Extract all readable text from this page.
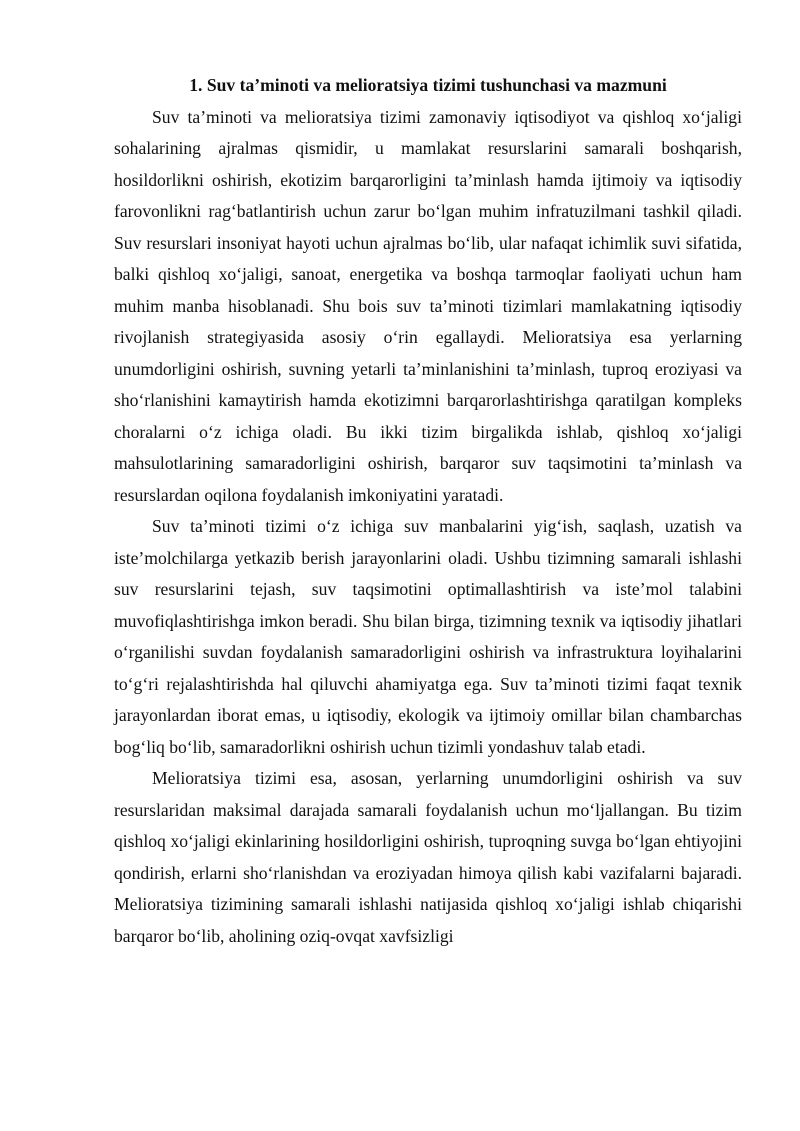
1. Suv ta’minoti va melioratsiya tizimi tushunchasi va mazmuni

Suv ta’minoti va melioratsiya tizimi zamonaviy iqtisodiyot va qishloq xo‘jaligi sohalarining ajralmas qismidir, u mamlakat resurslarini samarali boshqarish, hosildorlikni oshirish, ekotizim barqarorligini ta’minlash hamda ijtimoiy va iqtisodiy farovonlikni rag‘batlantirish uchun zarur bo‘lgan muhim infratuzilmani tashkil qiladi. Suv resurslari insoniyat hayoti uchun ajralmas bo‘lib, ular nafaqat ichimlik suvi sifatida, balki qishloq xo‘jaligi, sanoat, energetika va boshqa tarmoqlar faoliyati uchun ham muhim manba hisoblanadi. Shu bois suv ta’minoti tizimlari mamlakatning iqtisodiy rivojlanish strategiyasida asosiy o‘rin egallaydi. Melioratsiya esa yerlarning unumdorligini oshirish, suvning yetarli ta’minlanishini ta’minlash, tuproq eroziyasi va sho‘rlanishini kamaytirish hamda ekotizimni barqarorlashtirishga qaratilgan kompleks choralarni o‘z ichiga oladi. Bu ikki tizim birgalikda ishlab, qishloq xo‘jaligi mahsulotlarining samaradorligini oshirish, barqaror suv taqsimotini ta’minlash va resurslardan oqilona foydalanish imkoniyatini yaratadi.

Suv ta’minoti tizimi o‘z ichiga suv manbalarini yig‘ish, saqlash, uzatish va iste’molchilarga yetkazib berish jarayonlarini oladi. Ushbu tizimning samarali ishlashi suv resurslarini tejash, suv taqsimotini optimallashtirish va iste’mol talabini muvofiqlashtirishga imkon beradi. Shu bilan birga, tizimning texnik va iqtisodiy jihatlari o‘rganilishi suvdan foydalanish samaradorligini oshirish va infrastruktura loyihalarini to‘g‘ri rejalashtirishda hal qiluvchi ahamiyatga ega. Suv ta’minoti tizimi faqat texnik jarayonlardan iborat emas, u iqtisodiy, ekologik va ijtimoiy omillar bilan chambarchas bog‘liq bo‘lib, samaradorlikni oshirish uchun tizimli yondashuv talab etadi.

Melioratsiya tizimi esa, asosan, yerlarning unumdorligini oshirish va suv resurslaridan maksimal darajada samarali foydalanish uchun mo‘ljallangan. Bu tizim qishloq xo‘jaligi ekinlarining hosildorligini oshirish, tuproqning suvga bo‘lgan ehtiyojini qondirish, erlarni sho‘rlanishdan va eroziyadan himoya qilish kabi vazifalarni bajaradi. Melioratsiya tizimining samarali ishlashi natijasida qishloq xo‘jaligi ishlab chiqarishi barqaror bo‘lib, aholining oziq-ovqat xavfsizligi
